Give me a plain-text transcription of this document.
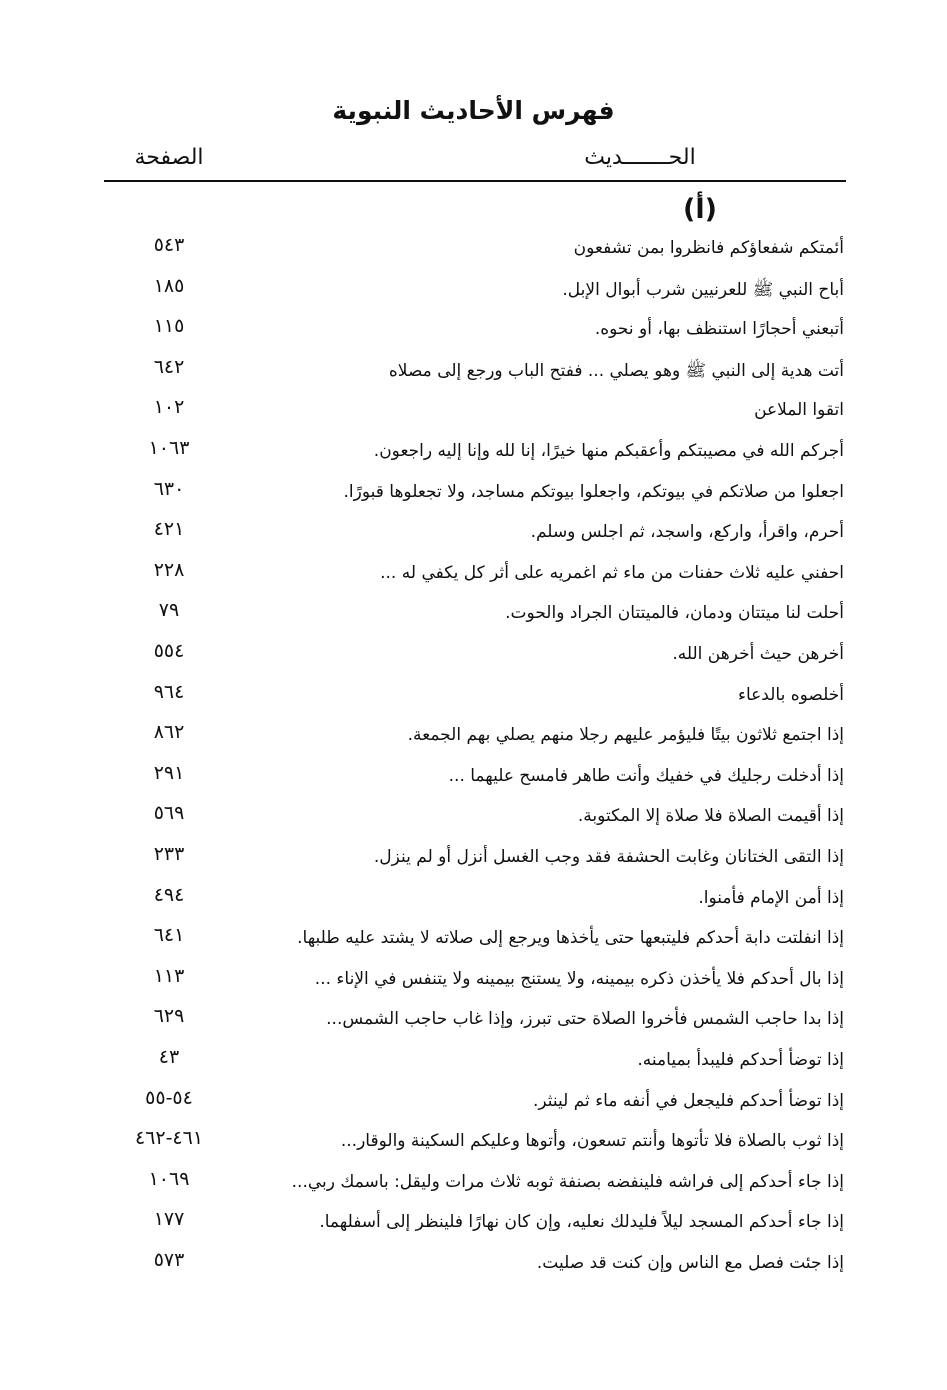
فهرس الأحاديث النبوية
الحـــــــديث
الصفحة
(أ)
أئمتكم شفعاؤكم فانظروا بمن تشفعون
٥٤٣
أباح النبي ﷺ للعرنيين شرب أبوال الإبل.
١٨٥
أتبعني أحجارًا استنظف بها، أو نحوه.
١١٥
أتت هدية إلى النبي ﷺ وهو يصلي ... ففتح الباب ورجع إلى مصلاه
٦٤٢
اتقوا الملاعن
١٠٢
أجركم الله في مصيبتكم وأعقبكم منها خيرًا، إنا لله وإنا إليه راجعون.
١٠٦٣
اجعلوا من صلاتكم في بيوتكم، واجعلوا بيوتكم مساجد، ولا تجعلوها قبورًا.
٦٣٠
أحرم، واقرأ، واركع، واسجد، ثم اجلس وسلم.
٤٢١
احفني عليه ثلاث حفنات من ماء ثم اغمريه على أثر كل يكفي له ...
٢٢٨
أحلت لنا ميتتان ودمان، فالميتتان الجراد والحوت.
٧٩
أخرهن حيث أخرهن الله.
٥٥٤
أخلصوه بالدعاء
٩٦٤
إذا اجتمع ثلاثون بيتًا فليؤمر عليهم رجلا منهم يصلي بهم الجمعة.
٨٦٢
إذا أدخلت رجليك في خفيك وأنت طاهر فامسح عليهما ...
٢٩١
إذا أقيمت الصلاة فلا صلاة إلا المكتوبة.
٥٦٩
إذا التقى الختانان وغابت الحشفة فقد وجب الغسل أنزل أو لم ينزل.
٢٣٣
إذا أمن الإمام فأمنوا.
٤٩٤
إذا انفلتت دابة أحدكم فليتبعها حتى يأخذها ويرجع إلى صلاته لا يشتد عليه طلبها.
٦٤١
إذا بال أحدكم فلا يأخذن ذكره بيمينه، ولا يستنج بيمينه ولا يتنفس في الإناء ...
١١٣
إذا بدا حاجب الشمس فأخروا الصلاة حتى تبرز، وإذا غاب حاجب الشمس...
٦٢٩
إذا توضأ أحدكم فليبدأ بميامنه.
٤٣
إذا توضأ أحدكم فليجعل في أنفه ماء ثم لينثر.
٥٤-٥٥
إذا ثوب بالصلاة فلا تأتوها وأنتم تسعون، وأتوها وعليكم السكينة والوقار...
٤٦١-٤٦٢
إذا جاء أحدكم إلى فراشه فلينفضه بصنفة ثوبه ثلاث مرات وليقل: باسمك ربي...
١٠٦٩
إذا جاء أحدكم المسجد ليلاً فليدلك نعليه، وإن كان نهارًا فلينظر إلى أسفلهما.
١٧٧
إذا جئت فصل مع الناس وإن كنت قد صليت.
٥٧٣
